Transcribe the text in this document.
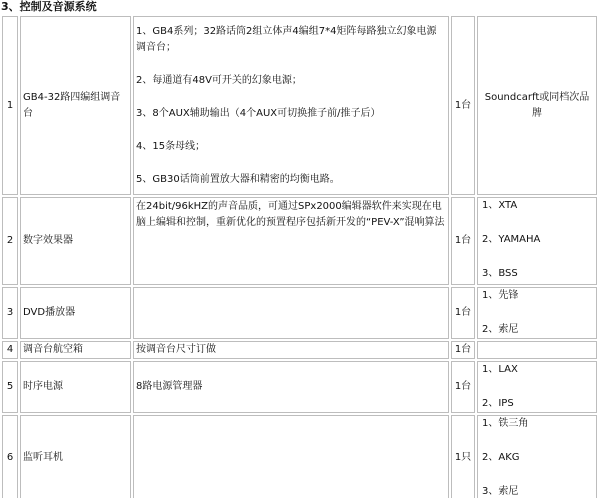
3、控制及音源系统
1	GB4-32路四编组调音台	1、GB4系列；32路话筒2组立体声4编组7*4矩阵每路独立幻象电源调音台；
2、每通道有48V可开关的幻象电源；
3、8个AUX辅助输出（4个AUX可切换推子前/推子后）
4、15条母线；
5、GB30话筒前置放大器和精密的均衡电路。	1台	Soundcarft或同档次品牌
2	数字效果器	在24bit/96kHZ的声音品质，可通过SPx2000编辑器软件来实现在电脑上编辑和控制，重新优化的预置程序包括新开发的“PEV-X”混响算法	1台	1、XTA
2、YAMAHA
3、BSS

3	DVD播放器		1台	1、先锋
2、索尼

4	调音台航空箱	按调音台尺寸订做	1台	
5	时序电源	8路电源管理器	1台	1、LAX
2、IPS

6	监听耳机		1只	1、铁三角
2、AKG
3、索尼
